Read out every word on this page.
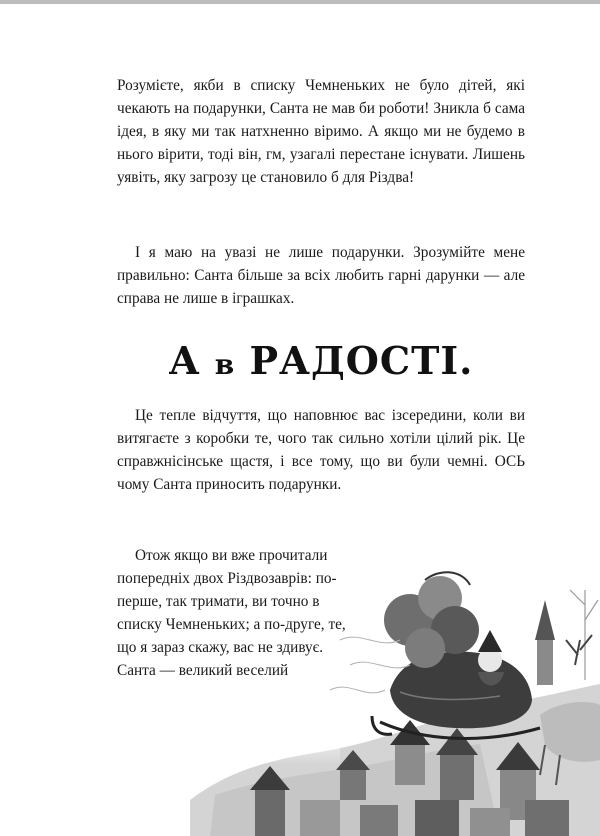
Розумієте, якби в списку Чемненьких не було дітей, які чекають на подарунки, Санта не мав би роботи! Зникла б сама ідея, в яку ми так натхненно віримо. А якщо ми не будемо в нього вірити, тоді він, гм, узагалі перестане існувати. Лишень уявіть, яку загрозу це становило б для Різдва!

І я маю на увазі не лише подарунки. Зрозумійте мене правильно: Санта більше за всіх любить гарні дарунки — але справа не лише в іграшках.

А в РАДОСТІ.

Це тепле відчуття, що наповнює вас ізсередини, коли ви витягаєте з коробки те, чого так сильно хотіли цілий рік. Це справжнісінське щастя, і все тому, що ви були чемні. ОСЬ чому Санта приносить подарунки.

Отож якщо ви вже прочитали попередніх двох Різдвозаврів: по-перше, так тримати, ви точно в списку Чемненьких; а по-друге, те, що я зараз скажу, вас не здивує. Санта — великий веселий
